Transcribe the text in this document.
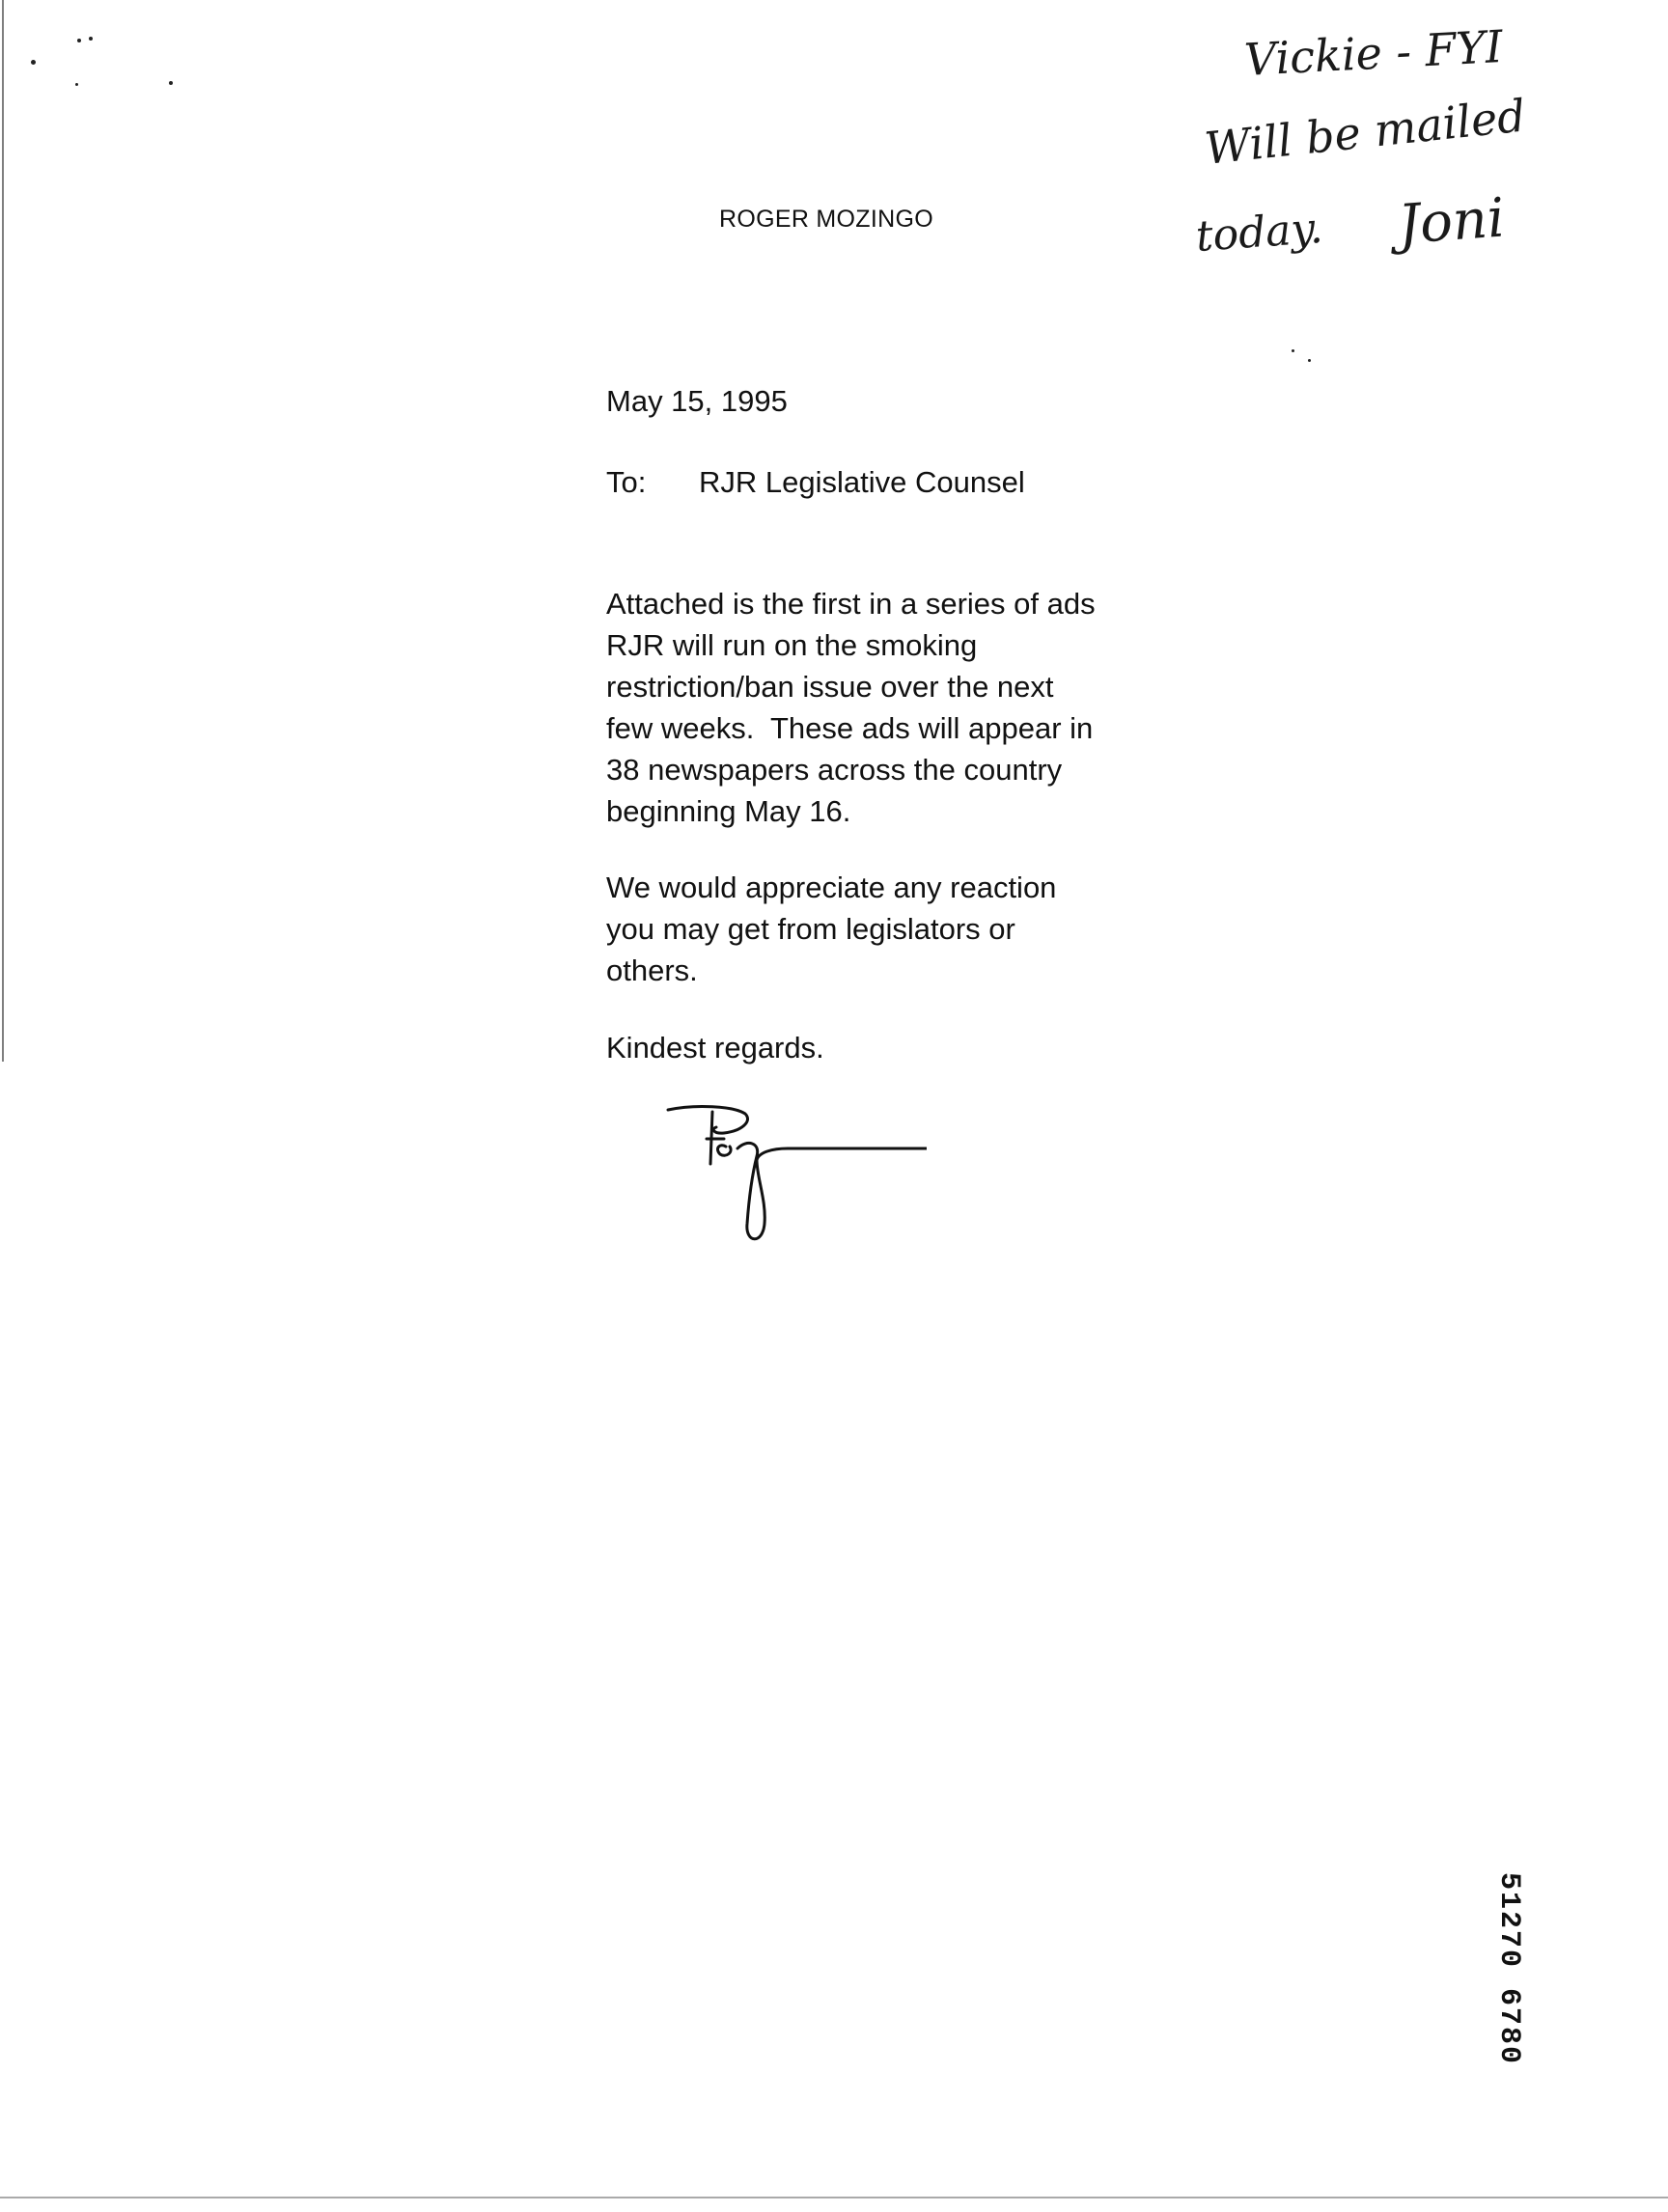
Vickie - FYI
Will be mailed
today. Joni
ROGER MOZINGO
May 15, 1995
To: RJR Legislative Counsel
Attached is the first in a series of ads
RJR will run on the smoking
restriction/ban issue over the next
few weeks.  These ads will appear in
38 newspapers across the country
beginning May 16.
We would appreciate any reaction
you may get from legislators or
others.
Kindest regards.
51270 6780
